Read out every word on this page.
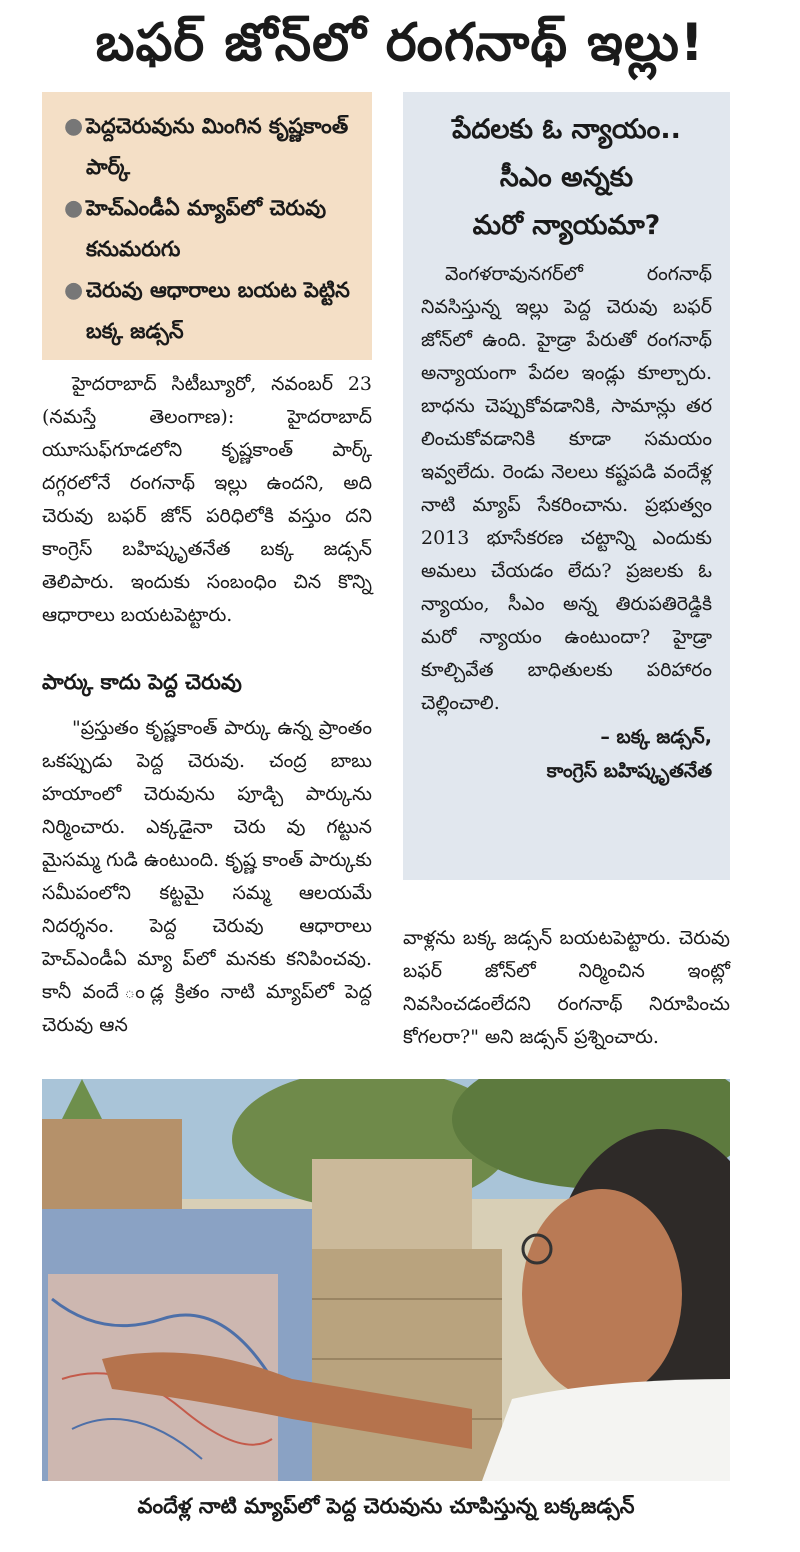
బఫర్ జోన్‌లో రంగనాథ్ ఇల్లు!
● పెద్దచెరువును మింగిన కృష్ణకాంత్ పార్క్
● హెచ్ఎండీఏ మ్యాప్‌లో చెరువు కనుమరుగు
● చెరువు ఆధారాలు బయట పెట్టిన బక్క జడ్సన్

హైదరాబాద్ సిటీబ్యూరో, నవంబర్ 23 (నమస్తే తెలంగాణ): హైదరాబాద్ యూసుఫ్‌గూడలోని కృష్ణకాంత్ పార్క్ దగ్గరలోనే రంగనాథ్ ఇల్లు ఉందని, అది చెరువు బఫర్ జోన్ పరిధిలోకి వస్తుం దని కాంగ్రెస్ బహిష్కృతనేత బక్క జడ్సన్ తెలిపారు. ఇందుకు సంబంధిం చిన కొన్ని ఆధారాలు బయటపెట్టారు.

పార్కు కాదు పెద్ద చెరువు

"ప్రస్తుతం కృష్ణకాంత్ పార్కు ఉన్న ప్రాంతం ఒకప్పుడు పెద్ద చెరువు. చంద్ర బాబు హయాంలో చెరువును పూడ్చి పార్కును నిర్మించారు. ఎక్కడైనా చెరు వు గట్టున మైసమ్మ గుడి ఉంటుంది. కృష్ణ కాంత్ పార్కుకు సమీపంలోని కట్టమై సమ్మ ఆలయమే నిదర్శనం. పెద్ద చెరువు ఆధారాలు హెచ్ఎండీఏ మ్యా ప్‌లో మనకు కనిపించవు. కానీ వందే ండ్ల క్రితం నాటి మ్యాప్‌లో పెద్ద చెరువు ఆన

పేదలకు ఓ న్యాయం..
సీఎం అన్నకు
మరో న్యాయమా?
వెంగళరావునగర్‌లో రంగనాథ్ నివసిస్తున్న ఇల్లు పెద్ద చెరువు బఫర్ జోన్‌లో ఉంది. హైడ్రా పేరుతో రంగనాథ్ అన్యాయంగా పేదల ఇండ్లు కూల్చారు. బాధను చెప్పుకోవడానికి, సామాన్లు తర లించుకోవడానికి కూడా సమయం ఇవ్వలేదు. రెండు నెలలు కష్టపడి వందేళ్ల నాటి మ్యాప్ సేకరించాను. ప్రభుత్వం 2013 భూసేకరణ చట్టాన్ని ఎందుకు అమలు చేయడం లేదు? ప్రజలకు ఓ న్యాయం, సీఎం అన్న తిరుపతిరెడ్డికి మరో న్యాయం ఉంటుందా? హైడ్రా కూల్చివేత బాధితులకు పరిహారం చెల్లించాలి.
– బక్క జడ్సన్,
కాంగ్రెస్ బహిష్కృతనేత

వాళ్లను బక్క జడ్సన్ బయటపెట్టారు. చెరువు బఫర్ జోన్‌లో నిర్మించిన ఇంట్లో నివసించడంలేదని రంగనాథ్ నిరూపించు కోగలరా?" అని జడ్సన్ ప్రశ్నించారు.

వందేళ్ల నాటి మ్యాప్‌లో పెద్ద చెరువును చూపిస్తున్న బక్కజడ్సన్
